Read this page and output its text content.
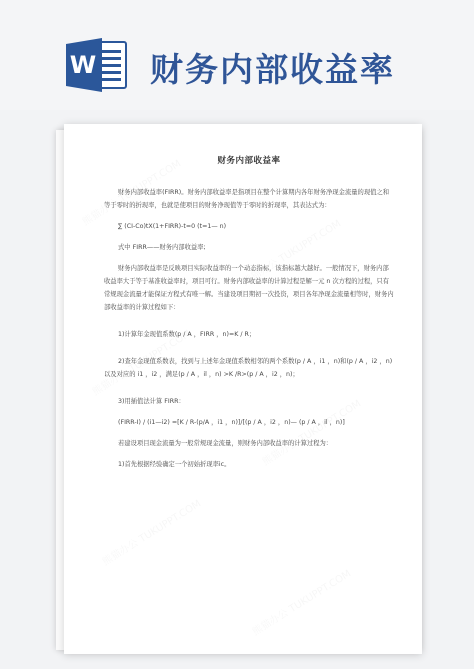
W 财务内部收益率
财务内部收益率

财务内部收益率(FIRR)。财务内部收益率是指项目在整个计算期内各年财务净现金流量的现值之和等于零时的折现率，也就是使项目的财务净现值等于零时的折现率，其表达式为：

∑ (CI-Co)tX(1+FIRR)-t=0 (t=1— n)

式中 FIRR——财务内部收益率;

财务内部收益率是反映项目实际收益率的一个动态指标，该指标越大越好。一般情况下，财务内部收益率大于等于基准收益率时，项目可行。财务内部收益率的计算过程是解一元 n 次方程的过程，只有常规现金流量才能保证方程式有唯一解。当建设项目期初一次投资，项目各年净现金流量相等时，财务内部收益率的计算过程如下：

1)计算年金现值系数(p / A ，FIRR ，n)=K / R；

2)查年金现值系数表，找到与上述年金现值系数相邻的两个系数(p / A ，i1 ，n)和(p / A ，i2 ，n)以及对应的 i1 ，i2 ，满足(p / A ，il ，n) >K /R>(p / A ，i2 ，n)；

3)用插值法计算 FIRR：

(FIRR-I) / (i1—i2) =[K / R-(p/A ，i1 ，n)]/[(p / A ，i2 ，n)— (p / A ，il ，n)]

若建设项目现金流量为一般常规现金流量，则财务内部收益率的计算过程为：

1)首先根据经验确定一个初始折现率ic。
